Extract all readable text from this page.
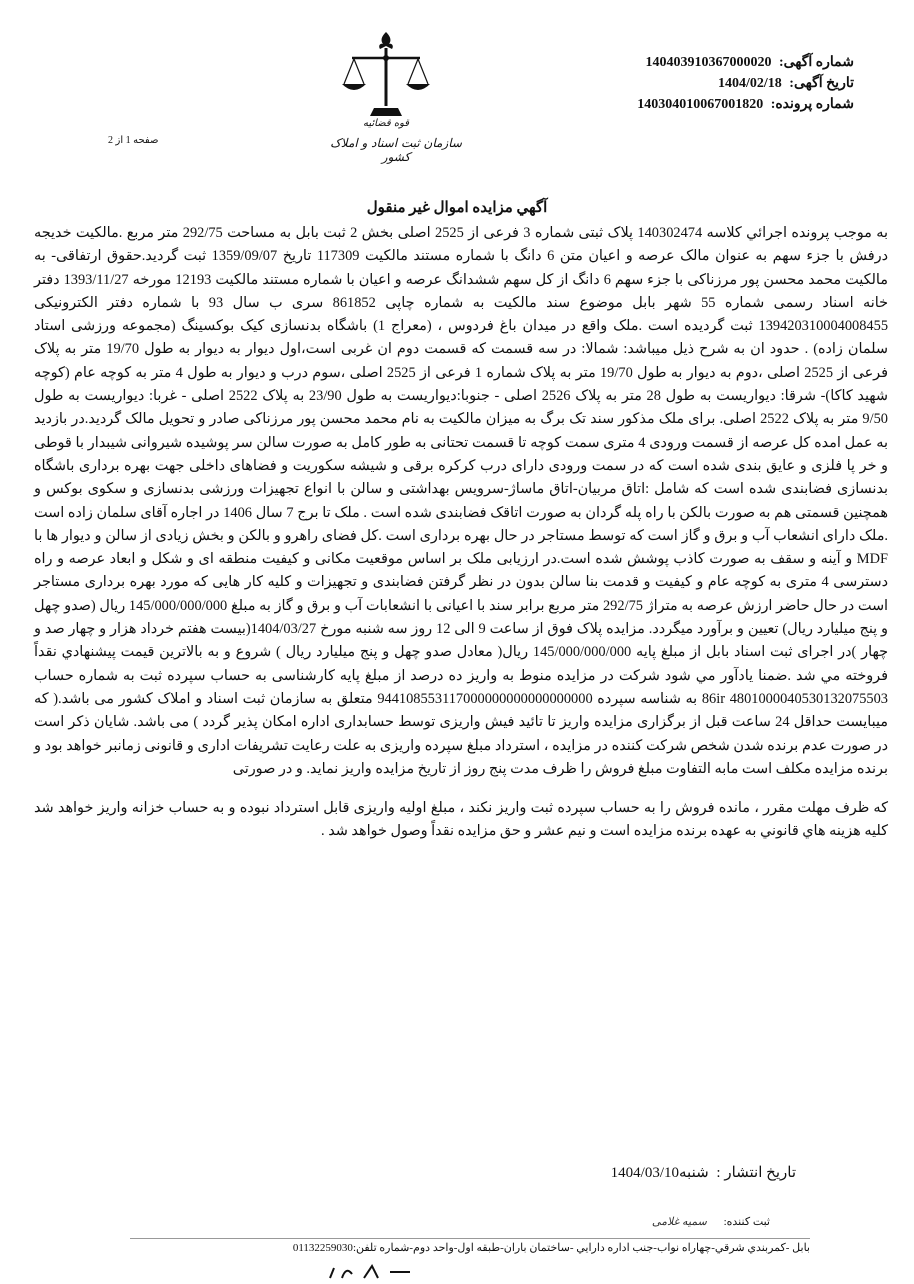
شماره آگهی: 140403910367000020
تاریخ آگهی: 1404/02/18
شماره پرونده: 140304010067001820
قوه قضائیه
سازمان ثبت اسناد و املاک کشور
صفحه 1 از 2
آگهي مزايده اموال غير منقول

به موجب پرونده اجرائي كلاسه 140302474 پلاک ثبتی شماره 3 فرعی از 2525 اصلی بخش 2 ثبت بابل به مساحت 292/75 متر مربع .مالكيت خديجه درفش با جزء سهم به عنوان مالک عرصه و اعيان متن 6 دانگ با شماره مستند مالكيت 117309 تاريخ 1359/09/07 ثبت گرديد.حقوق ارتفاقی- به مالكيت محمد محسن پور مرزناكی با جزء سهم 6 دانگ از كل سهم ششدانگ عرصه و اعيان با شماره مستند مالكيت 12193 مورخه 1393/11/27 دفتر خانه اسناد رسمی شماره 55 شهر بابل موضوع سند مالكيت به شماره چاپی 861852 سری ب سال 93 با شماره دفتر الكترونيكی 139420310004008455 ثبت گرديده است .ملک واقع در ميدان باغ فردوس ، (معراج 1) باشگاه بدنسازی كيک بوكسينگ (مجموعه ورزشی استاد سلمان زاده) . حدود ان به شرح ذيل ميباشد: شمالا: در سه قسمت كه قسمت دوم ان غربی است،اول ديوار به ديوار به طول 19/70 متر به پلاک فرعی از 2525 اصلی ،دوم به ديوار به طول 19/70 متر به پلاک شماره 1 فرعی از 2525 اصلی ،سوم درب و ديوار به طول 4 متر به كوچه عام (كوچه شهيد كاكا)- شرقا: ديواريست به طول 28 متر به پلاک 2526 اصلی - جنوبا:ديواريست به طول 23/90 به پلاک 2522 اصلی - غربا: ديواريست به طول 9/50 متر به پلاک 2522 اصلی. برای ملک مذكور سند تک برگ به ميزان مالكيت به نام محمد محسن پور مرزناكی صادر و تحويل مالک گرديد.در بازديد به عمل امده كل عرصه از قسمت ورودی 4 متری سمت كوچه تا قسمت تحتانی به طور كامل به صورت سالن سر پوشيده شيروانی شيبدار با قوطی و خر پا فلزی و عايق بندی شده است كه در سمت ورودی دارای درب كركره برقی و شيشه سكوريت و فضاهای داخلی جهت بهره برداری باشگاه بدنسازی فضابندی شده است كه شامل :اتاق مربيان-اتاق ماساژ-سرويس بهداشتی و سالن با انواع تجهيزات ورزشی بدنسازی و سكوی بوكس و همچنين قسمتی هم به صورت بالكن با راه پله گردان به صورت اتاقک فضابندی شده است . ملک تا برج 7 سال 1406 در اجاره آقای سلمان زاده است .ملک دارای انشعاب آب و برق و گاز است كه توسط مستاجر در حال بهره برداری است .كل فضای راهرو و بالكن و بخش زيادی از سالن و ديوار ها با MDF و آينه و سقف به صورت كاذب پوشش شده است.در ارزيابی ملک بر اساس موقعيت مكانی و كيفيت منطقه ای و شكل و ابعاد عرصه و راه دسترسی 4 متری به كوچه عام و كيفيت و قدمت بنا سالن بدون در نظر گرفتن فضابندی و تجهيزات و كليه كار هايی كه مورد بهره برداری مستاجر است در حال حاضر ارزش عرصه به متراژ 292/75 متر مربع برابر سند با اعيانی با انشعابات آب و برق و گاز به مبلغ 145/000/000/000 ريال (صدو چهل و پنج ميليارد ريال) تعيين و برآورد ميگردد. مزايده پلاک فوق از ساعت 9 الی 12 روز سه شنبه مورخ 1404/03/27(بيست هفتم خرداد هزار و چهار صد و چهار )در اجرای ثبت اسناد بابل از مبلغ پايه 145/000/000/000 ريال( معادل صدو چهل و پنج ميليارد ريال ) شروع و به بالاترين قيمت پيشنهادي نقداً فروخته مي شد .ضمنا يادآور مي شود شركت در مزايده منوط به واريز ده درصد از مبلغ پايه كارشناسی به حساب سپرده ثبت به شماره حساب 4801000040530132075503 86ir به شناسه سپرده 944108553117000000000000000000 متعلق به سازمان ثبت اسناد و املاک كشور می باشد.( كه ميبايست حداقل 24 ساعت قبل از برگزاری مزايده واريز تا تائيد فيش واريزی توسط حسابداری اداره امكان پذير گردد ) می باشد. شايان ذكر است در صورت عدم برنده شدن شخص شركت كننده در مزايده ، استرداد مبلغ سپرده واريزی به علت رعايت تشريفات اداری و قانونی زمانبر خواهد بود و برنده مزايده مكلف است مابه التفاوت مبلغ فروش را ظرف مدت پنج روز از تاريخ مزايده واريز نمايد. و در صورتی

كه ظرف مهلت مقرر ، مانده فروش را به حساب سپرده ثبت واريز نكند ، مبلغ اوليه واريزی قابل استرداد نبوده و به حساب خزانه واريز خواهد شد كليه هزينه هاي قانوني به عهده برنده مزايده است و نيم عشر و حق مزايده نقداً وصول خواهد شد .

تاريخ انتشار : شنبه1404/03/10
ثبت كننده: سميه غلامی
بابل -كمربندي شرقي-چهاراه نواب-جنب اداره دارايي -ساختمان باران-طبقه اول-واحد دوم-شماره تلفن:01132259030
